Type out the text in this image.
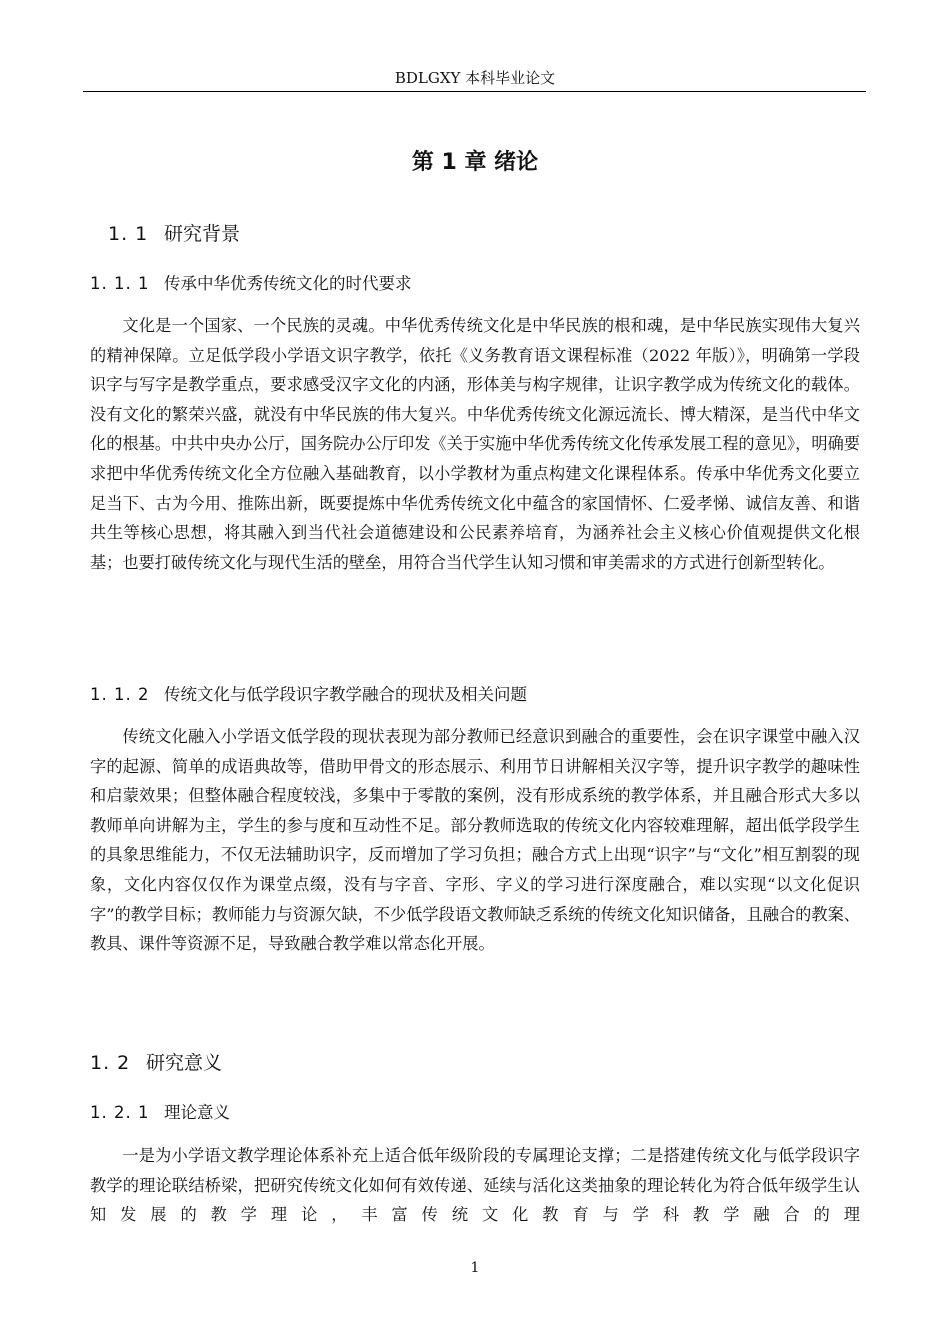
BDLGXY 本科毕业论文
第 1 章 绪论
1. 1 研究背景
1. 1. 1 传承中华优秀传统文化的时代要求

文化是一个国家、一个民族的灵魂。中华优秀传统文化是中华民族的根和魂，是中华民族实现伟大复兴的精神保障。立足低学段小学语文识字教学，依托《义务教育语文课程标准（2022 年版）》，明确第一学段识字与写字是教学重点，要求感受汉字文化的内涵，形体美与构字规律，让识字教学成为传统文化的载体。没有文化的繁荣兴盛，就没有中华民族的伟大复兴。中华优秀传统文化源远流长、博大精深，是当代中华文化的根基。中共中央办公厅，国务院办公厅印发《关于实施中华优秀传统文化传承发展工程的意见》，明确要求把中华优秀传统文化全方位融入基础教育，以小学教材为重点构建文化课程体系。传承中华优秀文化要立足当下、古为今用、推陈出新，既要提炼中华优秀传统文化中蕴含的家国情怀、仁爱孝悌、诚信友善、和谐共生等核心思想，将其融入到当代社会道德建设和公民素养培育，为涵养社会主义核心价值观提供文化根基；也要打破传统文化与现代生活的壁垒，用符合当代学生认知习惯和审美需求的方式进行创新型转化。

1. 1. 2 传统文化与低学段识字教学融合的现状及相关问题

传统文化融入小学语文低学段的现状表现为部分教师已经意识到融合的重要性，会在识字课堂中融入汉字的起源、简单的成语典故等，借助甲骨文的形态展示、利用节日讲解相关汉字等，提升识字教学的趣味性和启蒙效果；但整体融合程度较浅，多集中于零散的案例，没有形成系统的教学体系，并且融合形式大多以教师单向讲解为主，学生的参与度和互动性不足。部分教师选取的传统文化内容较难理解，超出低学段学生的具象思维能力，不仅无法辅助识字，反而增加了学习负担；融合方式上出现“识字”与“文化”相互割裂的现象，文化内容仅仅作为课堂点缀，没有与字音、字形、字义的学习进行深度融合，难以实现“以文化促识字”的教学目标；教师能力与资源欠缺，不少低学段语文教师缺乏系统的传统文化知识储备，且融合的教案、教具、课件等资源不足，导致融合教学难以常态化开展。

1. 2 研究意义
1. 2. 1 理论意义

一是为小学语文教学理论体系补充上适合低年级阶段的专属理论支撑；二是搭建传统文化与低学段识字教学的理论联结桥梁，把研究传统文化如何有效传递、延续与活化这类抽象的理论转化为符合低年级学生认知发展的教学理论，丰富传统文化教育与学科教学融合的理

1
